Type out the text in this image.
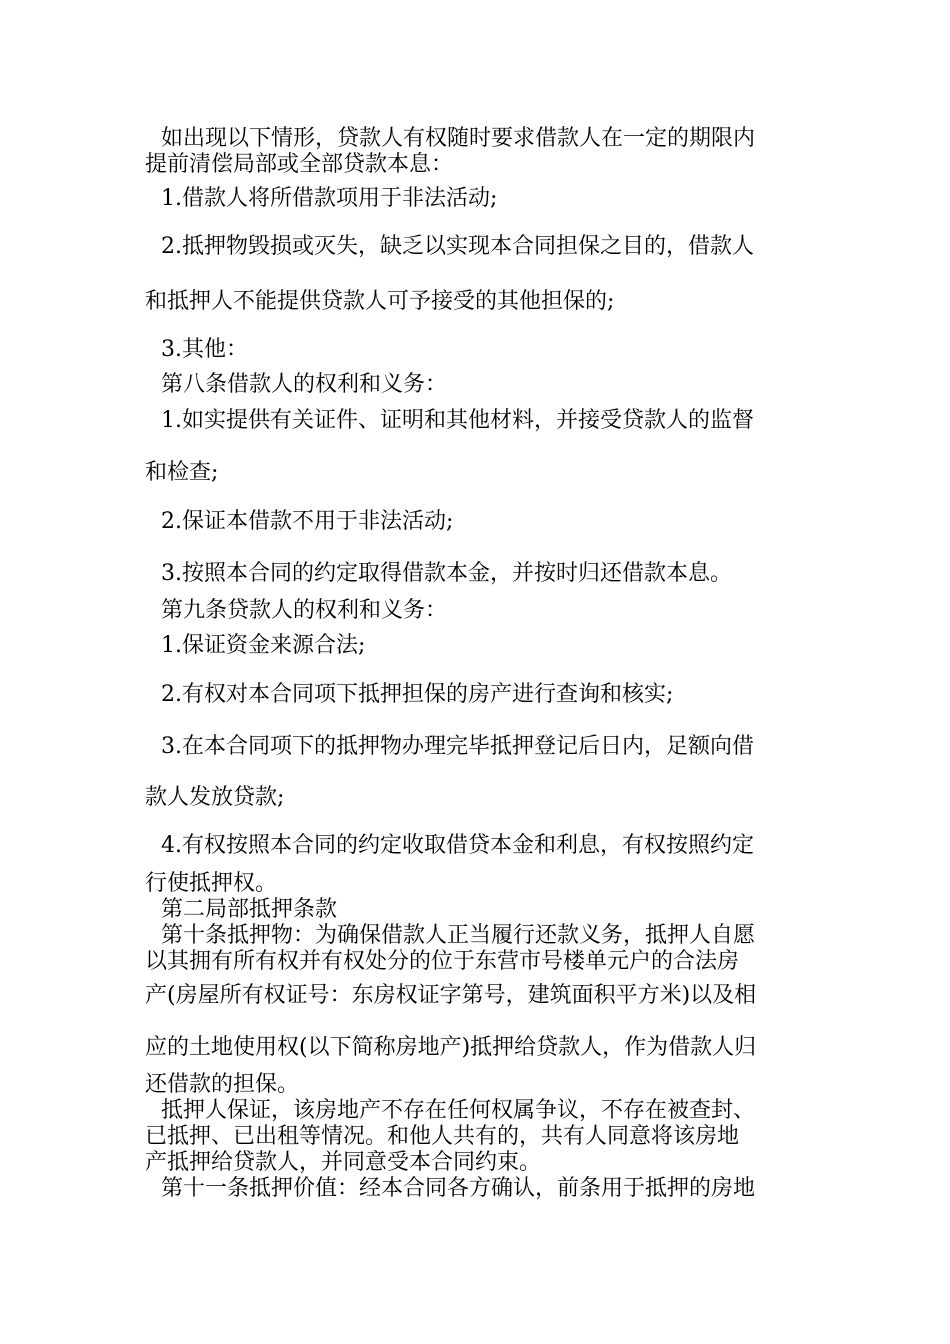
如出现以下情形，贷款人有权随时要求借款人在一定的期限内
提前清偿局部或全部贷款本息：
1.借款人将所借款项用于非法活动;
2.抵押物毁损或灭失，缺乏以实现本合同担保之目的，借款人
和抵押人不能提供贷款人可予接受的其他担保的;
3.其他：
第八条借款人的权利和义务：
1.如实提供有关证件、证明和其他材料，并接受贷款人的监督
和检查;
2.保证本借款不用于非法活动;
3.按照本合同的约定取得借款本金，并按时归还借款本息。
第九条贷款人的权利和义务：
1.保证资金来源合法;
2.有权对本合同项下抵押担保的房产进行查询和核实;
3.在本合同项下的抵押物办理完毕抵押登记后日内，足额向借
款人发放贷款;
4.有权按照本合同的约定收取借贷本金和利息，有权按照约定
行使抵押权。
第二局部抵押条款
第十条抵押物：为确保借款人正当履行还款义务，抵押人自愿
以其拥有所有权并有权处分的位于东营市号楼单元户的合法房
产(房屋所有权证号：东房权证字第号，建筑面积平方米)以及相
应的土地使用权(以下简称房地产)抵押给贷款人，作为借款人归
还借款的担保。
抵押人保证，该房地产不存在任何权属争议，不存在被查封、
已抵押、已出租等情况。和他人共有的，共有人同意将该房地
产抵押给贷款人，并同意受本合同约束。
第十一条抵押价值：经本合同各方确认，前条用于抵押的房地
